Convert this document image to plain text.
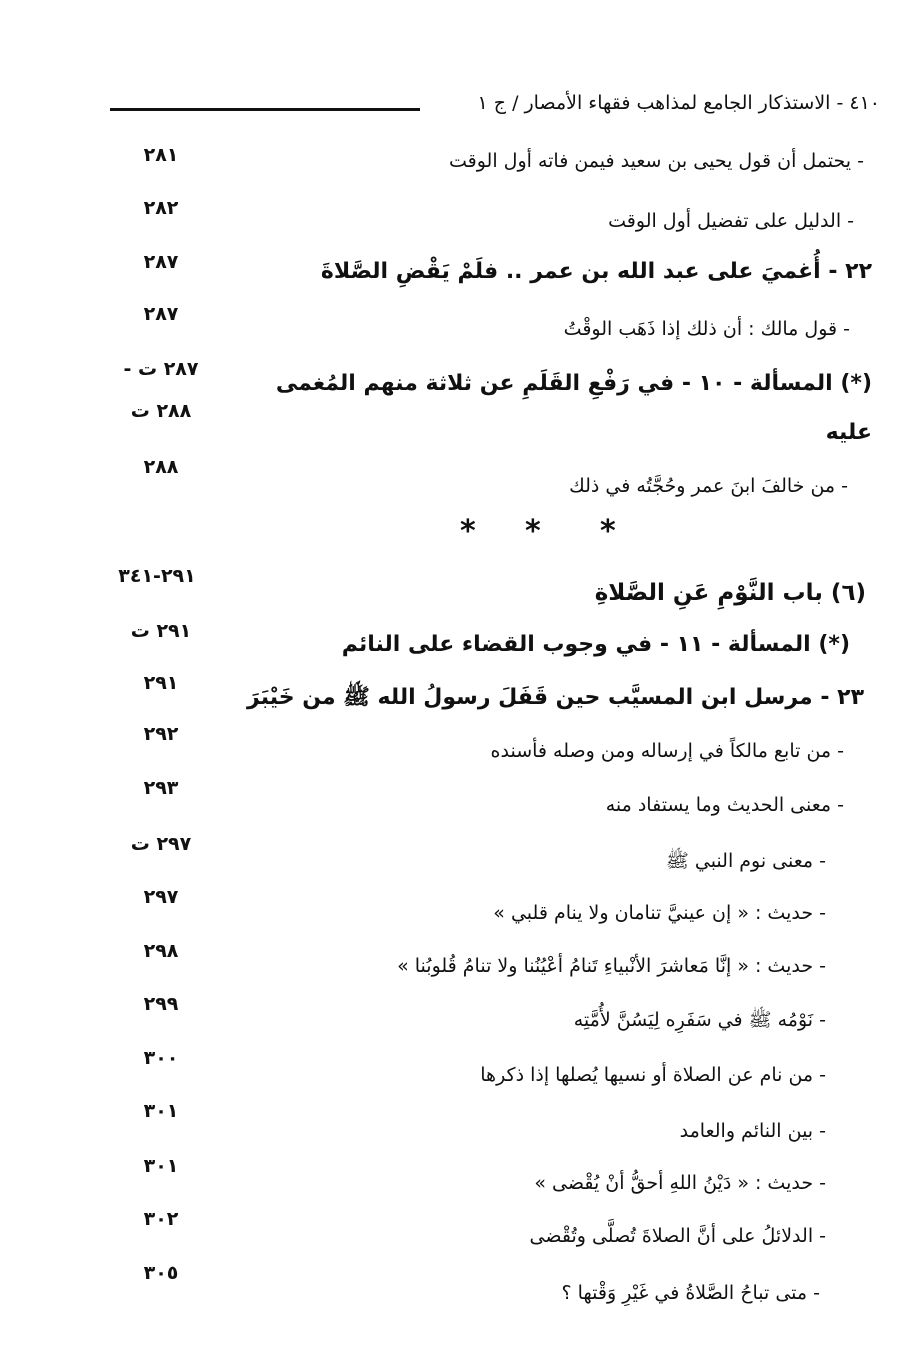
٤١٠ - الاستذكار الجامع لمذاهب فقهاء الأمصار / ج ١
- يحتمل أن قول يحيى بن سعيد فيمن فاته أول الوقت
٢٨١
- الدليل على تفضيل أول الوقت
٢٨٢
٢٢ - أُغميَ على عبد الله بن عمر .. فلَمْ يَقْضِ الصَّلاةَ
٢٨٧
- قول مالك : أن ذلك إذا ذَهَب الوقْتُ
٢٨٧
(*) المسألة - ١٠ - في رَفْعِ القَلَمِ عن ثلاثة منهم المُغمى
٢٨٧ ت -
عليه
٢٨٨ ت
- من خالفَ ابنَ عمر وحُجَّتُه في ذلك
٢٨٨
*
*
*
(٦) باب النَّوْمِ عَنِ الصَّلاةِ
٢٩١-٣٤١
(*) المسألة - ١١ - في وجوب القضاء على النائم
٢٩١ ت
٢٣ - مرسل ابن المسيَّب حين قَفَلَ رسولُ الله ﷺ من خَيْبَرَ
٢٩١
- من تابع مالكاً في إرساله ومن وصله فأسنده
٢٩٢
- معنى الحديث وما يستفاد منه
٢٩٣
- معنى نوم النبي ﷺ
٢٩٧ ت
- حديث : « إن عينيَّ تنامان ولا ينام قلبي »
٢٩٧
- حديث : « إنَّا مَعاشرَ الأنْبياءِ تَنامُ أعْيُنُنا ولا تنامُ قُلوبُنا »
٢٩٨
- نَوْمُه ﷺ في سَفَرِه لِيَسُنَّ لأُمَّتِه
٢٩٩
- من نام عن الصلاة أو نسيها يُصلها إذا ذكرها
٣٠٠
- بين النائم والعامد
٣٠١
- حديث : « دَيْنُ اللهِ أحقُّ أنْ يُقْضى »
٣٠١
- الدلائلُ على أنَّ الصلاةَ تُصلَّى وتُقْضى
٣٠٢
- متى تباحُ الصَّلاةُ في غَيْرِ وَقْتها ؟
٣٠٥
